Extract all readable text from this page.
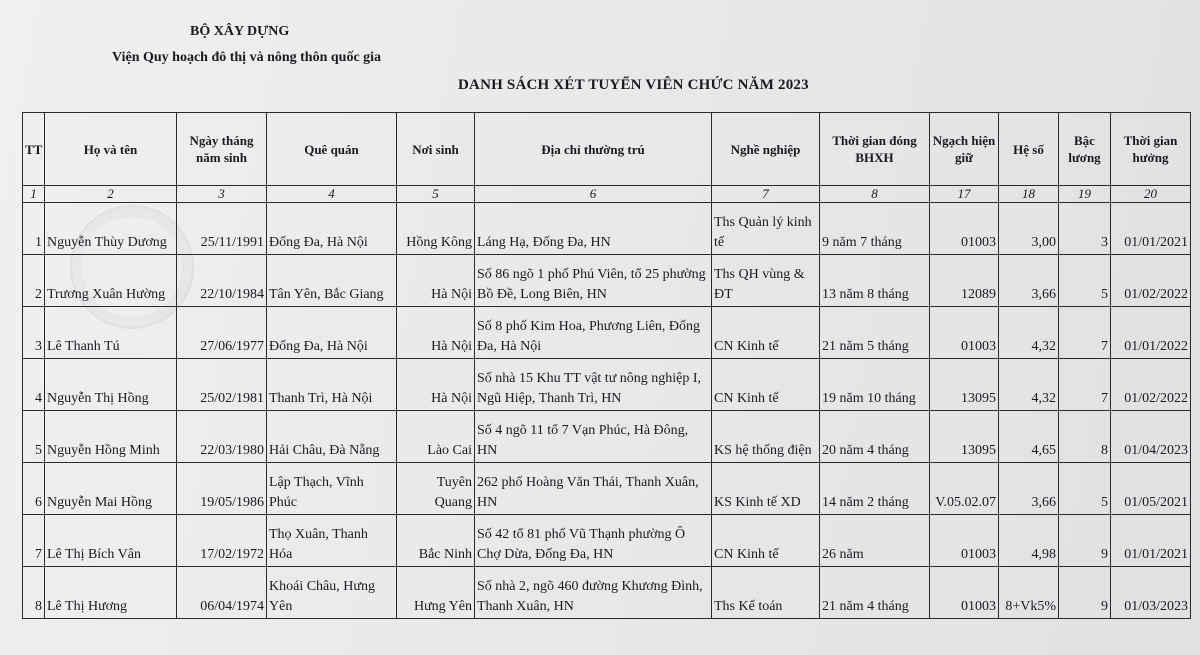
BỘ XÂY DỰNG
Viện Quy hoạch đô thị và nông thôn quốc gia
DANH SÁCH XÉT TUYỂN VIÊN CHỨC NĂM 2023
TT	Họ và tên	Ngày tháng năm sinh	Quê quán	Nơi sinh	Địa chỉ thường trú	Nghề nghiệp	Thời gian đóng BHXH	Ngạch hiện giữ	Hệ số	Bậc lương	Thời gian hưởng
1	2	3	4	5	6	7	8	17	18	19	20
1	Nguyễn Thùy Dương	25/11/1991	Đống Đa, Hà Nội	Hồng Kông	Láng Hạ, Đống Đa, HN	Ths Quản lý kinh tế	9 năm 7 tháng	01003	3,00	3	01/01/2021
2	Trương Xuân Hường	22/10/1984	Tân Yên, Bắc Giang	Hà Nội	Số 86 ngõ 1 phố Phú Viên, tổ 25 phường Bồ Đề, Long Biên, HN	Ths QH vùng & ĐT	13 năm 8 tháng	12089	3,66	5	01/02/2022
3	Lê Thanh Tú	27/06/1977	Đống Đa, Hà Nội	Hà Nội	Số 8 phố Kim Hoa, Phương Liên, Đống Đa, Hà Nội	CN Kinh tế	21 năm 5 tháng	01003	4,32	7	01/01/2022
4	Nguyễn Thị Hồng	25/02/1981	Thanh Trì, Hà Nội	Hà Nội	Số nhà 15 Khu TT vật tư nông nghiệp I, Ngũ Hiệp, Thanh Trì, HN	CN Kinh tế	19 năm 10 tháng	13095	4,32	7	01/02/2022
5	Nguyễn Hồng Minh	22/03/1980	Hải Châu, Đà Nẵng	Lào Cai	Số 4 ngõ 11 tổ 7 Vạn Phúc, Hà Đông, HN	KS hệ thống điện	20 năm 4 tháng	13095	4,65	8	01/04/2023
6	Nguyễn Mai Hồng	19/05/1986	Lập Thạch, Vĩnh Phúc	Tuyên Quang	262 phố Hoàng Văn Thái, Thanh Xuân, HN	KS Kinh tế XD	14 năm 2 tháng	V.05.02.07	3,66	5	01/05/2021
7	Lê Thị Bích Vân	17/02/1972	Thọ Xuân, Thanh Hóa	Bắc Ninh	Số 42 tổ 81 phố Vũ Thạnh phường Ô Chợ Dừa, Đống Đa, HN	CN Kinh tế	26 năm	01003	4,98	9	01/01/2021
8	Lê Thị Hương	06/04/1974	Khoái Châu, Hưng Yên	Hưng Yên	Số nhà 2, ngõ 460 đường Khương Đình, Thanh Xuân, HN	Ths Kế toán	21 năm 4 tháng	01003	8+Vk5%	9	01/03/2023
